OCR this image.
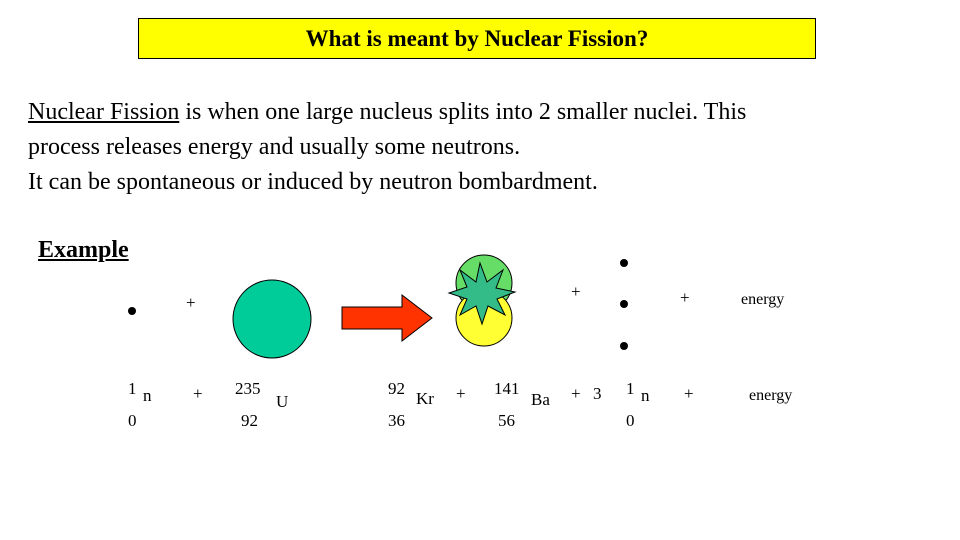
What is meant by Nuclear Fission?
Nuclear Fission is when one large nucleus splits into 2 smaller nuclei. This
process releases energy and usually some neutrons.
It can be spontaneous or induced by neutron bombardment.
Example
+
+	+	energy
1 n
0
+ 235
U
92
92
Kr
36
+ 141
Ba
56
+ 3 1 n
0
+	energy
